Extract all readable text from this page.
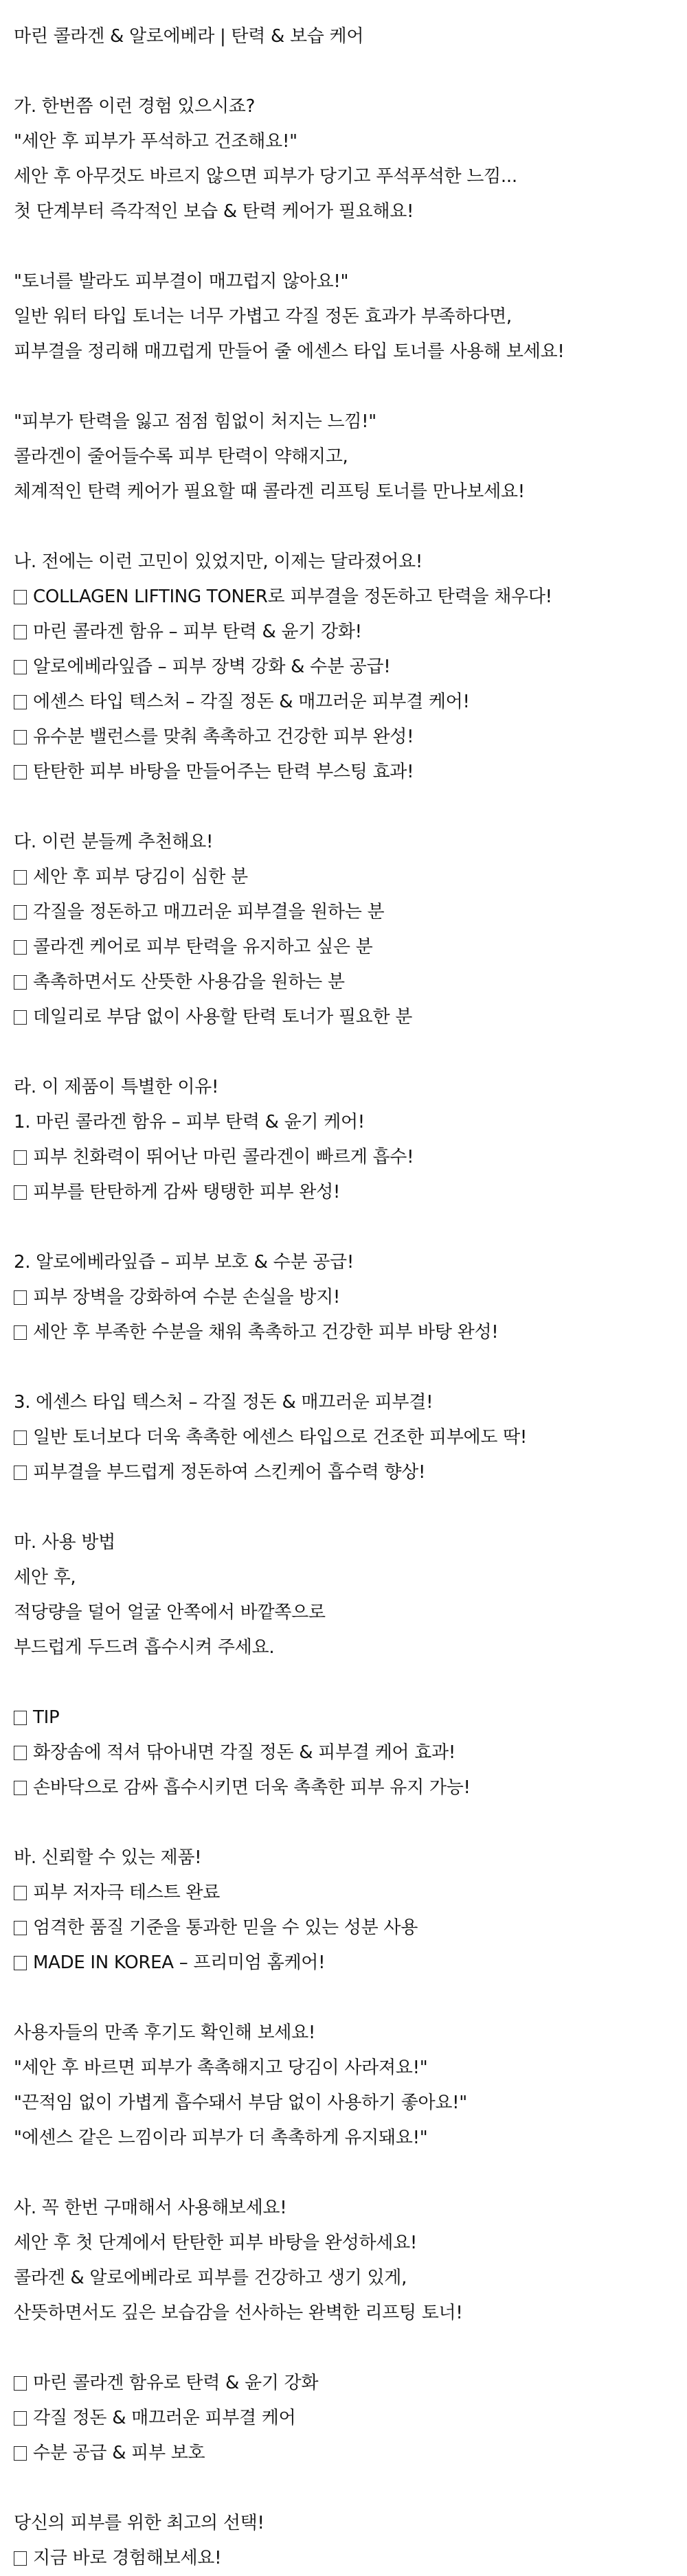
마린 콜라겐 & 알로에베라 | 탄력 & 보습 케어
가. 한번쯤 이런 경험 있으시죠?
"세안 후 피부가 푸석하고 건조해요!"
세안 후 아무것도 바르지 않으면 피부가 당기고 푸석푸석한 느낌...
첫 단계부터 즉각적인 보습 & 탄력 케어가 필요해요!
"토너를 발라도 피부결이 매끄럽지 않아요!"
일반 워터 타입 토너는 너무 가볍고 각질 정돈 효과가 부족하다면,
피부결을 정리해 매끄럽게 만들어 줄 에센스 타입 토너를 사용해 보세요!
"피부가 탄력을 잃고 점점 힘없이 처지는 느낌!"
콜라겐이 줄어들수록 피부 탄력이 약해지고,
체계적인 탄력 케어가 필요할 때 콜라겐 리프팅 토너를 만나보세요!
나. 전에는 이런 고민이 있었지만, 이제는 달라졌어요!
COLLAGEN LIFTING TONER로 피부결을 정돈하고 탄력을 채우다!
마린 콜라겐 함유 – 피부 탄력 & 윤기 강화!
알로에베라잎즙 – 피부 장벽 강화 & 수분 공급!
에센스 타입 텍스처 – 각질 정돈 & 매끄러운 피부결 케어!
유수분 밸런스를 맞춰 촉촉하고 건강한 피부 완성!
탄탄한 피부 바탕을 만들어주는 탄력 부스팅 효과!
다. 이런 분들께 추천해요!
세안 후 피부 당김이 심한 분
각질을 정돈하고 매끄러운 피부결을 원하는 분
콜라겐 케어로 피부 탄력을 유지하고 싶은 분
촉촉하면서도 산뜻한 사용감을 원하는 분
데일리로 부담 없이 사용할 탄력 토너가 필요한 분
라. 이 제품이 특별한 이유!
1. 마린 콜라겐 함유 – 피부 탄력 & 윤기 케어!
피부 친화력이 뛰어난 마린 콜라겐이 빠르게 흡수!
피부를 탄탄하게 감싸 탱탱한 피부 완성!
2. 알로에베라잎즙 – 피부 보호 & 수분 공급!
피부 장벽을 강화하여 수분 손실을 방지!
세안 후 부족한 수분을 채워 촉촉하고 건강한 피부 바탕 완성!
3. 에센스 타입 텍스처 – 각질 정돈 & 매끄러운 피부결!
일반 토너보다 더욱 촉촉한 에센스 타입으로 건조한 피부에도 딱!
피부결을 부드럽게 정돈하여 스킨케어 흡수력 향상!
마. 사용 방법
세안 후,
적당량을 덜어 얼굴 안쪽에서 바깥쪽으로
부드럽게 두드려 흡수시켜 주세요.
TIP
화장솜에 적셔 닦아내면 각질 정돈 & 피부결 케어 효과!
손바닥으로 감싸 흡수시키면 더욱 촉촉한 피부 유지 가능!
바. 신뢰할 수 있는 제품!
피부 저자극 테스트 완료
엄격한 품질 기준을 통과한 믿을 수 있는 성분 사용
MADE IN KOREA – 프리미엄 홈케어!
사용자들의 만족 후기도 확인해 보세요!
"세안 후 바르면 피부가 촉촉해지고 당김이 사라져요!"
"끈적임 없이 가볍게 흡수돼서 부담 없이 사용하기 좋아요!"
"에센스 같은 느낌이라 피부가 더 촉촉하게 유지돼요!"
사. 꼭 한번 구매해서 사용해보세요!
세안 후 첫 단계에서 탄탄한 피부 바탕을 완성하세요!
콜라겐 & 알로에베라로 피부를 건강하고 생기 있게,
산뜻하면서도 깊은 보습감을 선사하는 완벽한 리프팅 토너!
마린 콜라겐 함유로 탄력 & 윤기 강화
각질 정돈 & 매끄러운 피부결 케어
수분 공급 & 피부 보호
당신의 피부를 위한 최고의 선택!
지금 바로 경험해보세요!
